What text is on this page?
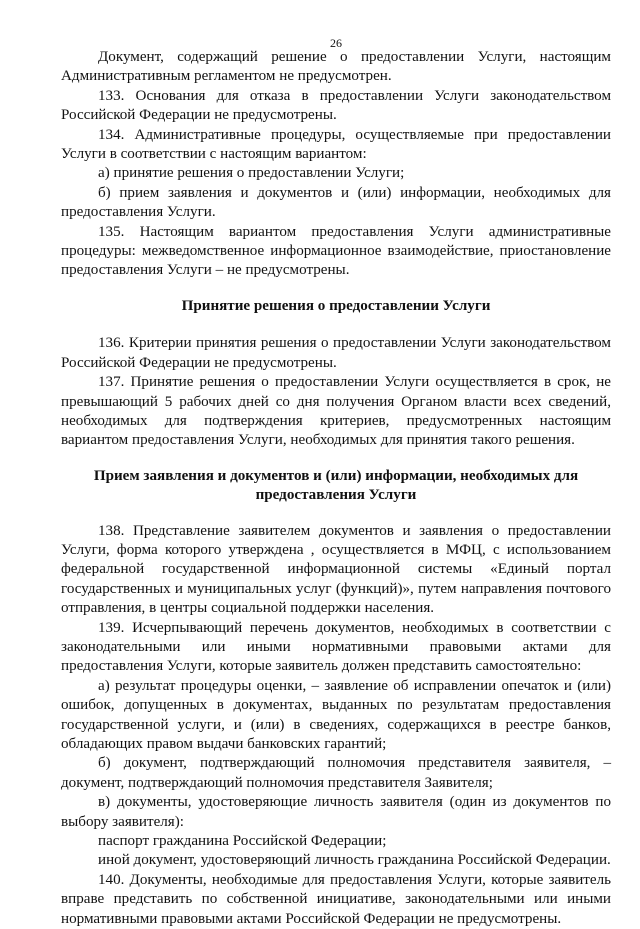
26

Документ, содержащий решение о предоставлении Услуги, настоящим Административным регламентом не предусмотрен.

133. Основания для отказа в предоставлении Услуги законодательством Российской Федерации не предусмотрены.

134. Административные процедуры, осуществляемые при предоставлении Услуги в соответствии с настоящим вариантом:

а) принятие решения о предоставлении Услуги;

б) прием заявления и документов и (или) информации, необходимых для предоставления Услуги.

135. Настоящим вариантом предоставления Услуги административные процедуры: межведомственное информационное взаимодействие, приостановление предоставления Услуги – не предусмотрены.

Принятие решения о предоставлении Услуги

136. Критерии принятия решения о предоставлении Услуги законодательством Российской Федерации не предусмотрены.

137. Принятие решения о предоставлении Услуги осуществляется в срок, не превышающий 5 рабочих дней со дня получения Органом власти всех сведений, необходимых для подтверждения критериев, предусмотренных настоящим вариантом предоставления Услуги, необходимых для принятия такого решения.

Прием заявления и документов и (или) информации, необходимых для предоставления Услуги

138. Представление заявителем документов и заявления о предоставлении Услуги, форма которого утверждена , осуществляется в МФЦ, с использованием федеральной государственной информационной системы «Единый портал государственных и муниципальных услуг (функций)», путем направления почтового отправления, в центры социальной поддержки населения.

139. Исчерпывающий перечень документов, необходимых в соответствии с законодательными или иными нормативными правовыми актами для предоставления Услуги, которые заявитель должен представить самостоятельно:

а) результат процедуры оценки, – заявление об исправлении опечаток и (или) ошибок, допущенных в документах, выданных по результатам предоставления государственной услуги, и (или) в сведениях, содержащихся в реестре банков, обладающих правом выдачи банковских гарантий;

б) документ, подтверждающий полномочия представителя заявителя, – документ, подтверждающий полномочия представителя Заявителя;

в) документы, удостоверяющие личность заявителя (один из документов по выбору заявителя):

паспорт гражданина Российской Федерации;

иной документ, удостоверяющий личность гражданина Российской Федерации.

140. Документы, необходимые для предоставления Услуги, которые заявитель вправе представить по собственной инициативе, законодательными или иными нормативными правовыми актами Российской Федерации не предусмотрены.
